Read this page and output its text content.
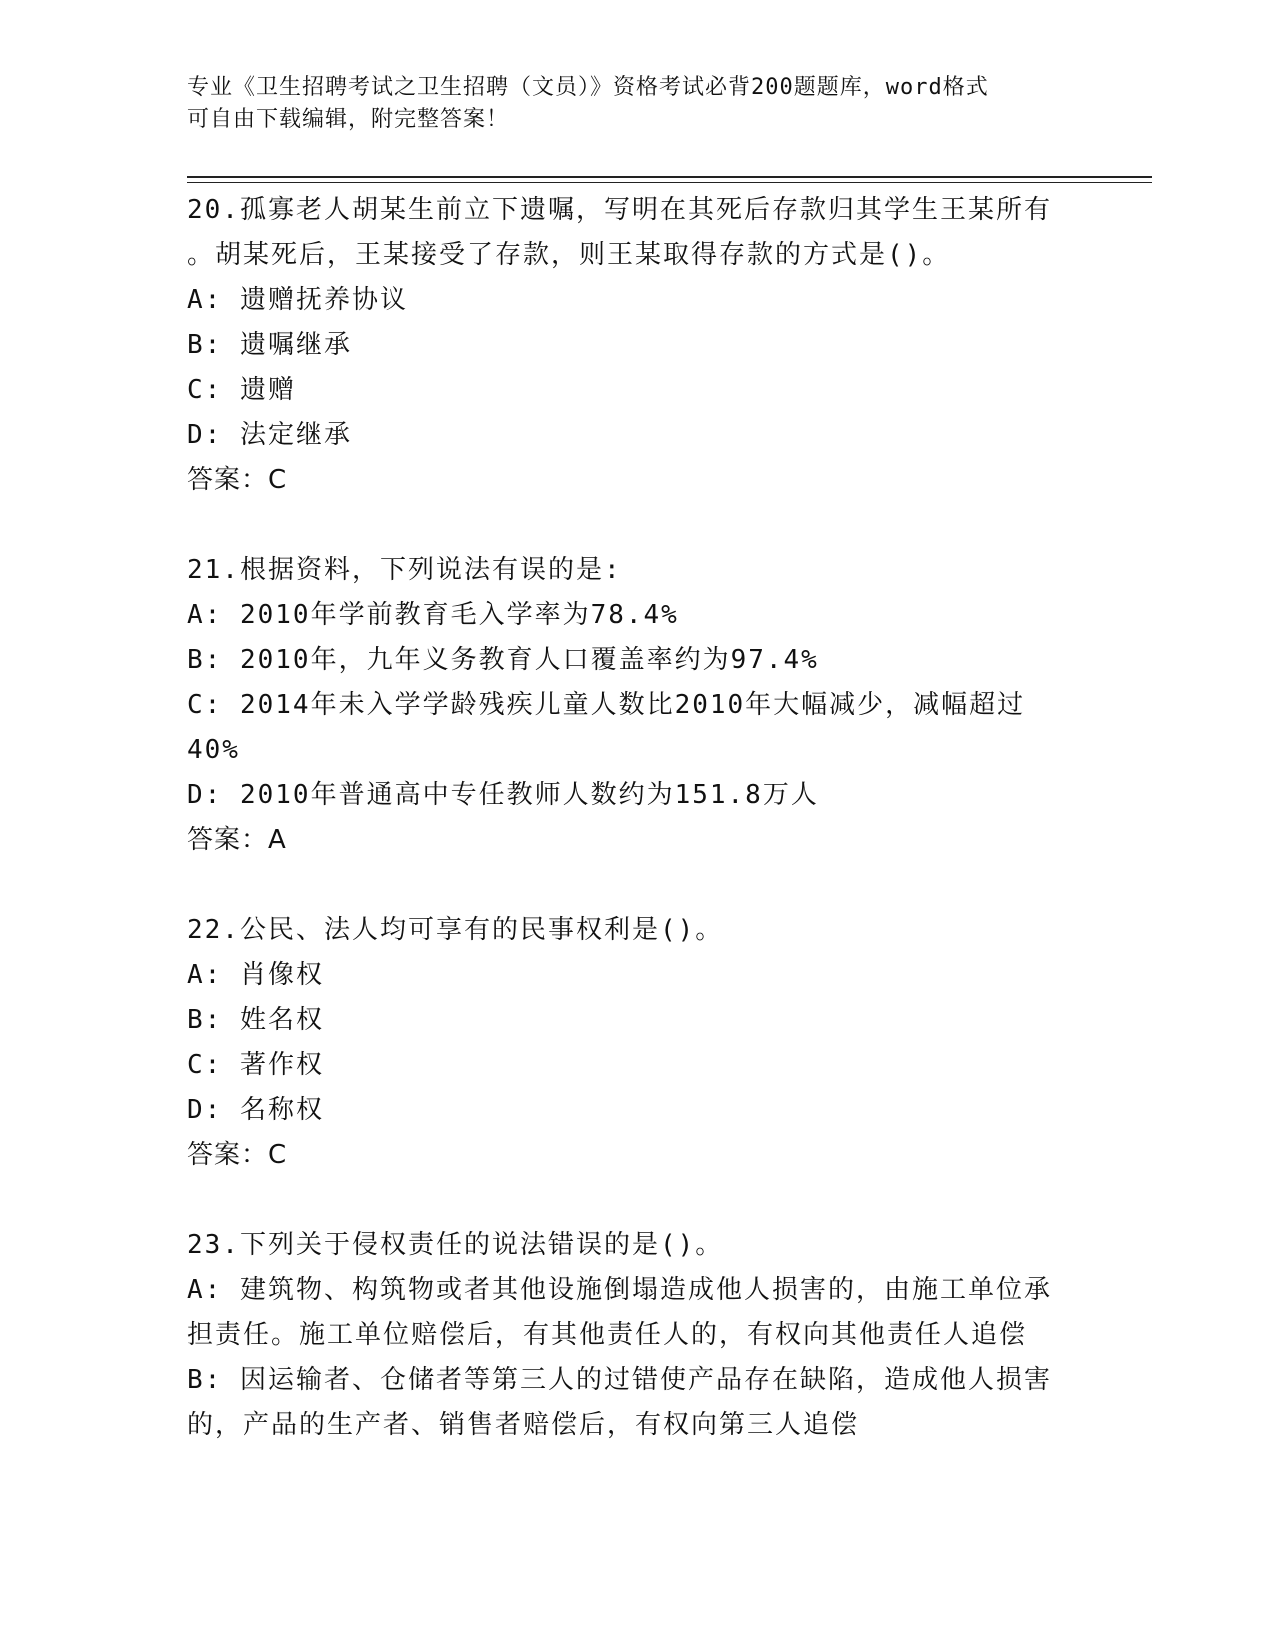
专业《卫生招聘考试之卫生招聘（文员）》资格考试必背200题题库，word格式
可自由下载编辑，附完整答案！
20.孤寡老人胡某生前立下遗嘱，写明在其死后存款归其学生王某所有
。胡某死后，王某接受了存款，则王某取得存款的方式是()。
A: 遗赠抚养协议
B: 遗嘱继承
C: 遗赠
D: 法定继承
答案：C
21.根据资料，下列说法有误的是:
A: 2010年学前教育毛入学率为78.4%
B: 2010年，九年义务教育人口覆盖率约为97.4%
C: 2014年未入学学龄残疾儿童人数比2010年大幅减少，减幅超过
40%
D: 2010年普通高中专任教师人数约为151.8万人
答案：A
22.公民、法人均可享有的民事权利是()。
A: 肖像权
B: 姓名权
C: 著作权
D: 名称权
答案：C
23.下列关于侵权责任的说法错误的是()。
A: 建筑物、构筑物或者其他设施倒塌造成他人损害的，由施工单位承
担责任。施工单位赔偿后，有其他责任人的，有权向其他责任人追偿
B: 因运输者、仓储者等第三人的过错使产品存在缺陷，造成他人损害
的，产品的生产者、销售者赔偿后，有权向第三人追偿
